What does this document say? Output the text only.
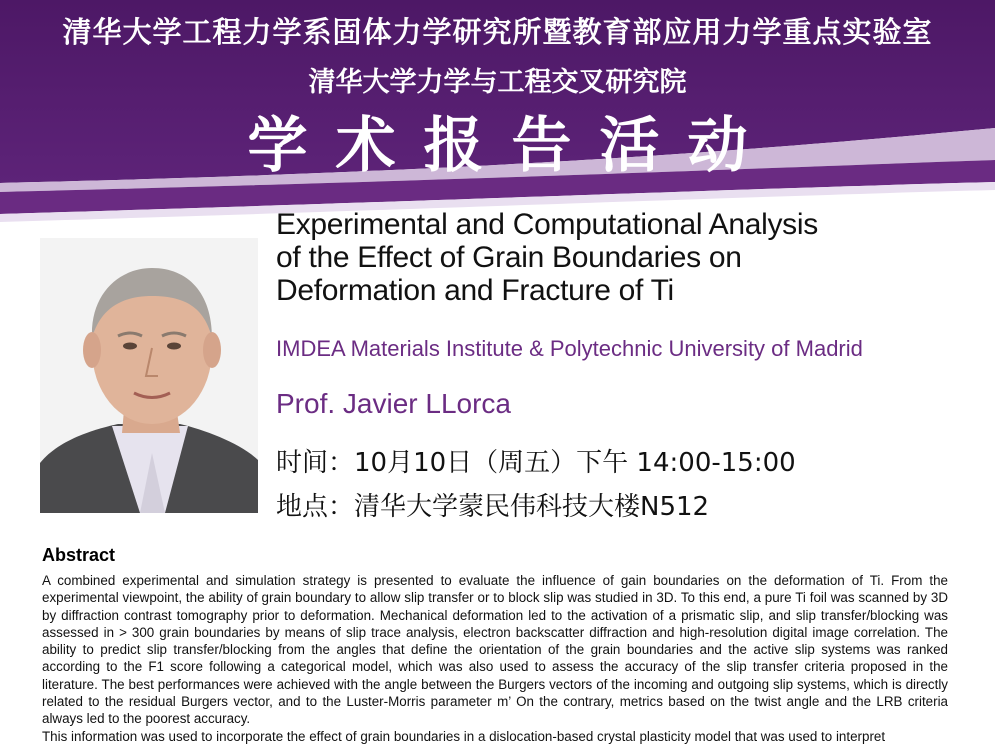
清华大学工程力学系固体力学研究所暨教育部应用力学重点实验室
清华大学力学与工程交叉研究院
学术报告活动
Experimental and Computational Analysis
of the Effect of Grain Boundaries on
Deformation and Fracture of Ti
IMDEA Materials Institute & Polytechnic University of Madrid
Prof. Javier LLorca
时间：10月10日（周五）下午 14:00-15:00
地点：清华大学蒙民伟科技大楼N512
Abstract
A combined experimental and simulation strategy is presented to evaluate the influence of gain boundaries on the deformation of Ti. From the experimental viewpoint, the ability of grain boundary to allow slip transfer or to block slip was studied in 3D. To this end, a pure Ti foil was scanned by 3D by diffraction contrast tomography prior to deformation. Mechanical deformation led to the activation of a prismatic slip, and slip transfer/blocking was assessed in > 300 grain boundaries by means of slip trace analysis, electron backscatter diffraction and high-resolution digital image correlation. The ability to predict slip transfer/blocking from the angles that define the orientation of the grain boundaries and the active slip systems was ranked according to the F1 score following a categorical model, which was also used to assess the accuracy of the slip transfer criteria proposed in the literature. The best performances were achieved with the angle between the Burgers vectors of the incoming and outgoing slip systems, which is directly related to the residual Burgers vector, and to the Luster-Morris parameter m’ On the contrary, metrics based on the twist angle and the LRB criteria always led to the poorest accuracy.
This information was used to incorporate the effect of grain boundaries in a dislocation-based crystal plasticity model that was used to interpret
